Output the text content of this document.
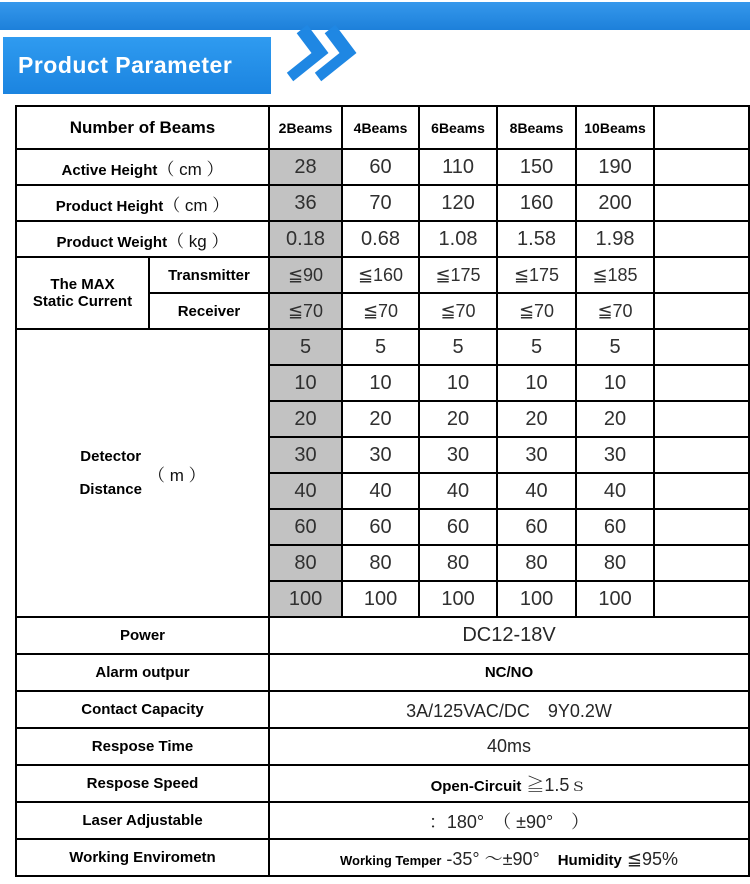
Product Parameter
Number of Beams		2Beams	4Beams	6Beams	8Beams	10Beams	
Active Height（ cm ）		28	60	110	150	190	
Product Height（ cm ）		36	70	120	160	200	
Product Weight（ kg ）		0.18	0.68	1.08	1.58	1.98	

The MAX
Static Current	Transmitter	≦90	≦160	≦175	≦175	≦185	
	Receiver	≦70	≦70	≦70	≦70	≦70	

Detector
Distance
（ m ）		5	5	5	5	5	
		10	10	10	10	10	
		20	20	20	20	20	
		30	30	30	30	30	
		40	40	40	40	40	
		60	60	60	60	60	
		80	80	80	80	80	
		100	100	100	100	100	
Power		DC12-18V					
Alarm outpur		NC/NO					
Contact Capacity		3A/125VAC/DC　9Y0.2W					
Respose Time		40ms					
Respose Speed		Open-Circuit ≧1.5ｓ					
Laser Adjustable		：180°　（ ±90°　）					
Working Envirometn		Working Temper -35° ～±90°　 Humidity ≦95%					
